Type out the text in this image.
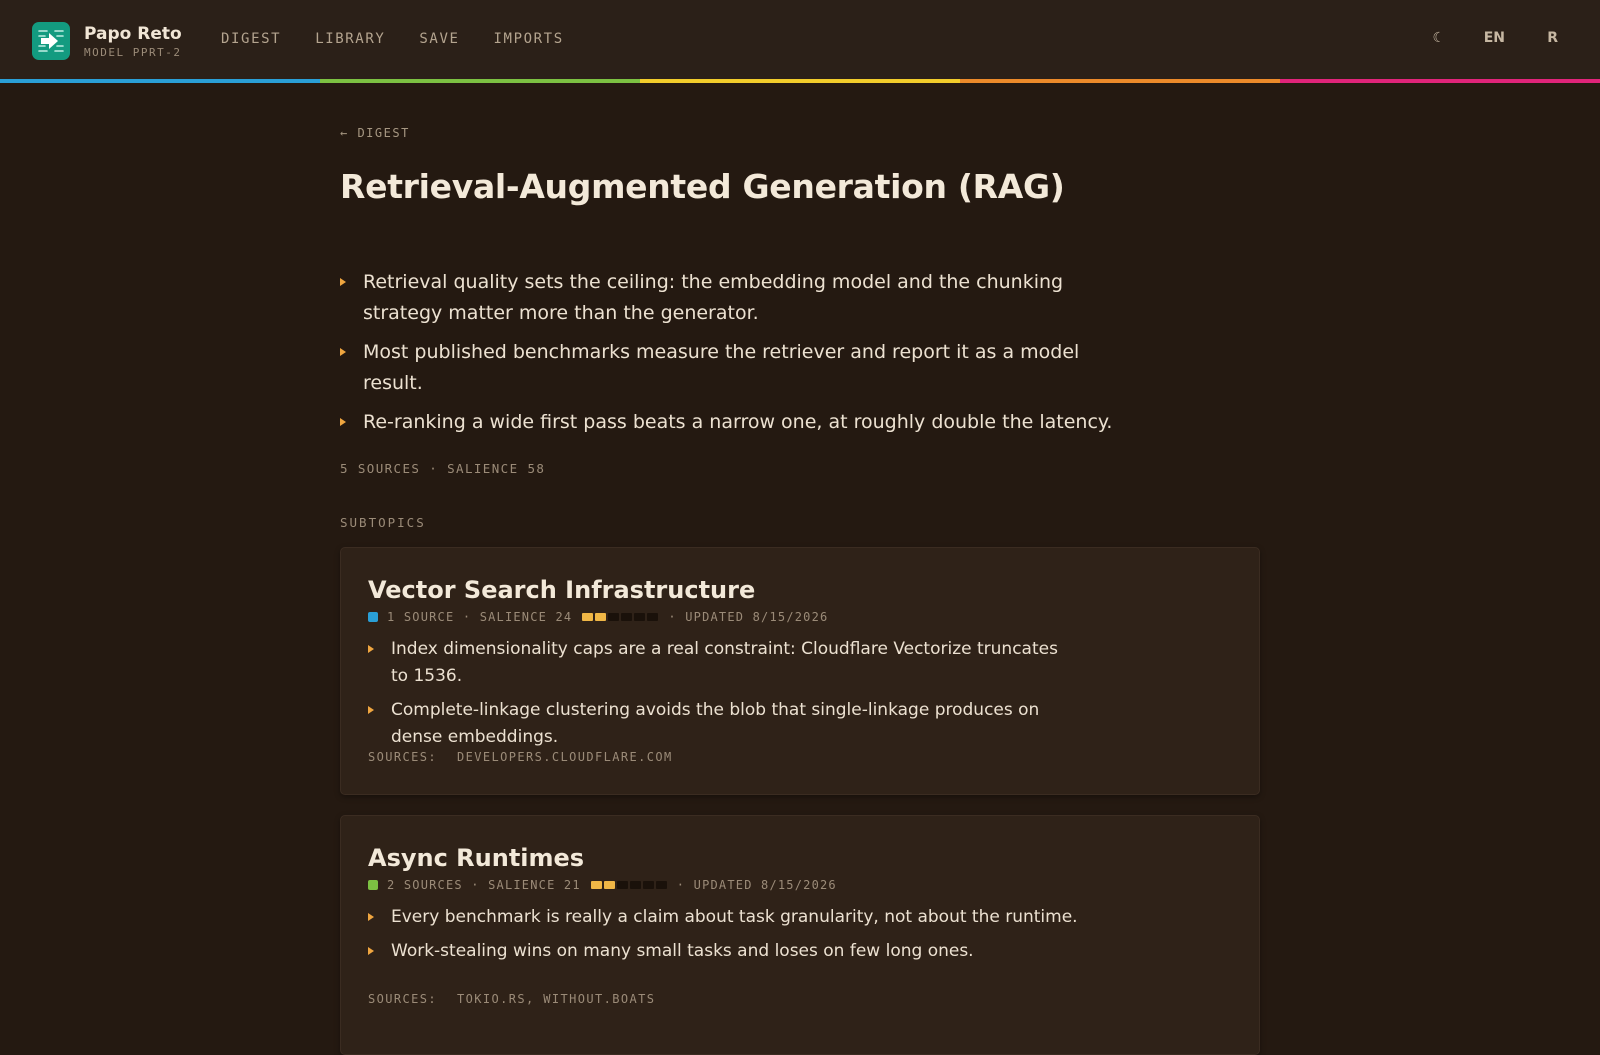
Papo Reto
MODEL PPRT-2
DIGEST LIBRARY SAVE IMPORTS	☾	EN	R
← DIGEST
Retrieval-Augmented Generation (RAG)
Retrieval quality sets the ceiling: the embedding model and the chunking strategy matter more than the generator.
Most published benchmarks measure the retriever and report it as a model result.
Re-ranking a wide first pass beats a narrow one, at roughly double the latency.
5 SOURCES · SALIENCE 58
SUBTOPICS
Vector Search Infrastructure
1 SOURCE · SALIENCE 24	· UPDATED 8/15/2026
Index dimensionality caps are a real constraint: Cloudflare Vectorize truncates to 1536.
Complete-linkage clustering avoids the blob that single-linkage produces on dense embeddings.
SOURCES: DEVELOPERS.CLOUDFLARE.COM
Async Runtimes
2 SOURCES · SALIENCE 21	· UPDATED 8/15/2026
Every benchmark is really a claim about task granularity, not about the runtime.
Work-stealing wins on many small tasks and loses on few long ones.
SOURCES: TOKIO.RS, WITHOUT.BOATS
